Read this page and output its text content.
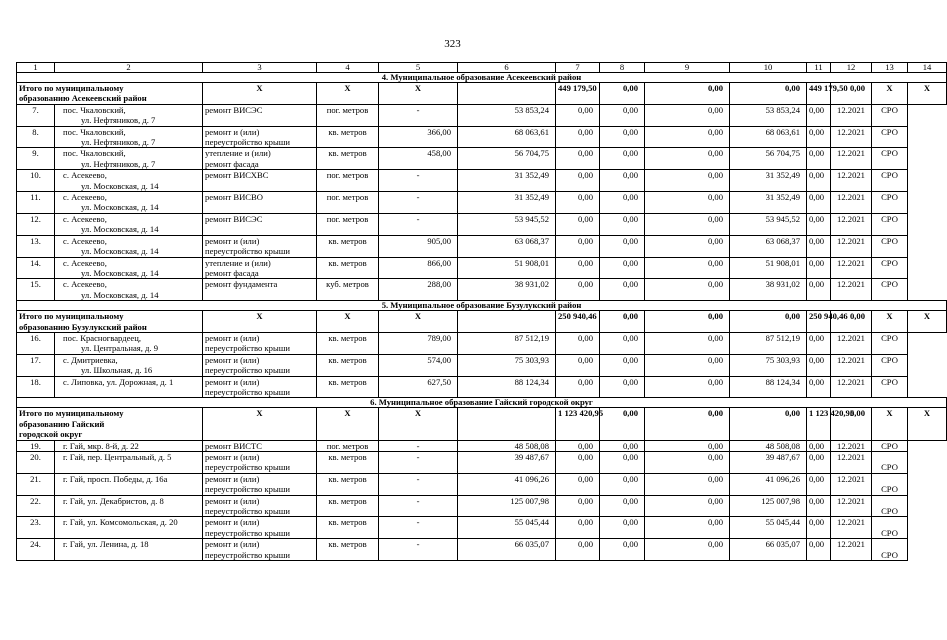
323
1	2	3	4	5	6	7	8	9	10	11	12	13	14
4. Муниципальное образование Асекеевский район													

Итого по муниципальному
образованию Асекеевский район		X	X	X		449 179,50	0,00	0,00	0,00	449 179,50	0,00	X	X
7.	пос. Чкаловский,
ул. Нефтяников, д. 7	ремонт ВИСЭС	пог. метров	-	53 853,24	0,00	0,00	0,00	53 853,24	0,00	12.2021	СРО	
8.	пос. Чкаловский,
ул. Нефтяников, д. 7	ремонт и (или)
переустройство крыши	кв. метров	366,00	68 063,61	0,00	0,00	0,00	68 063,61	0,00	12.2021	СРО	
9.	пос. Чкаловский,
ул. Нефтяников, д. 7	утепление и (или)
ремонт фасада	кв. метров	458,00	56 704,75	0,00	0,00	0,00	56 704,75	0,00	12.2021	СРО	
10.	с. Асекеево,
ул. Московская, д. 14	ремонт ВИСХВС	пог. метров	-	31 352,49	0,00	0,00	0,00	31 352,49	0,00	12.2021	СРО	
11.	с. Асекеево,
ул. Московская, д. 14	ремонт ВИСВО	пог. метров	-	31 352,49	0,00	0,00	0,00	31 352,49	0,00	12.2021	СРО	
12.	с. Асекеево,
ул. Московская, д. 14	ремонт ВИСЭС	пог. метров	-	53 945,52	0,00	0,00	0,00	53 945,52	0,00	12.2021	СРО	
13.	с. Асекеево,
ул. Московская, д. 14	ремонт и (или)
переустройство крыши	кв. метров	905,00	63 068,37	0,00	0,00	0,00	63 068,37	0,00	12.2021	СРО	
14.	с. Асекеево,
ул. Московская, д. 14	утепление и (или)
ремонт фасада	кв. метров	866,00	51 908,01	0,00	0,00	0,00	51 908,01	0,00	12.2021	СРО	
15.	с. Асекеево,
ул. Московская, д. 14	ремонт фундамента	куб. метров	288,00	38 931,02	0,00	0,00	0,00	38 931,02	0,00	12.2021	СРО	
5. Муниципальное образование Бузулукский район													

Итого по муниципальному
образованию Бузулукский район		X	X	X		250 940,46	0,00	0,00	0,00	250 940,46	0,00	X	X
16.	пос. Красногвардеец,
ул. Центральная, д. 9	ремонт и (или)
переустройство крыши	кв. метров	789,00	87 512,19	0,00	0,00	0,00	87 512,19	0,00	12.2021	СРО	
17.	с. Дмитриевка,
ул. Школьная, д. 16	ремонт и (или)
переустройство крыши	кв. метров	574,00	75 303,93	0,00	0,00	0,00	75 303,93	0,00	12.2021	СРО	
18.	с. Липовка, ул. Дорожная, д. 1	ремонт и (или)
переустройство крыши	кв. метров	627,50	88 124,34	0,00	0,00	0,00	88 124,34	0,00	12.2021	СРО	
6. Муниципальное образование Гайский городской округ													

Итого по муниципальному
образованию Гайский
городской округ		X	X	X		1 123 420,95	0,00	0,00	0,00	1 123 420,95	0,00	X	X
19.	г. Гай, мкр. 8-й, д. 22	ремонт ВИСТС	пог. метров	-	48 508,08	0,00	0,00	0,00	48 508,08	0,00	12.2021	СРО	
20.	г. Гай, пер. Центральный, д. 5	ремонт и (или)
переустройство крыши	кв. метров	-	39 487,67	0,00	0,00	0,00	39 487,67	0,00	12.2021	СРО	
21.	г. Гай, просп. Победы, д. 16а	ремонт и (или)
переустройство крыши	кв. метров	-	41 096,26	0,00	0,00	0,00	41 096,26	0,00	12.2021	СРО	
22.	г. Гай, ул. Декабристов, д. 8	ремонт и (или)
переустройство крыши	кв. метров	-	125 007,98	0,00	0,00	0,00	125 007,98	0,00	12.2021	СРО	
23.	г. Гай, ул. Комсомольская, д. 20	ремонт и (или)
переустройство крыши	кв. метров	-	55 045,44	0,00	0,00	0,00	55 045,44	0,00	12.2021	СРО	
24.	г. Гай, ул. Ленина, д. 18	ремонт и (или)
переустройство крыши	кв. метров	-	66 035,07	0,00	0,00	0,00	66 035,07	0,00	12.2021	СРО	
